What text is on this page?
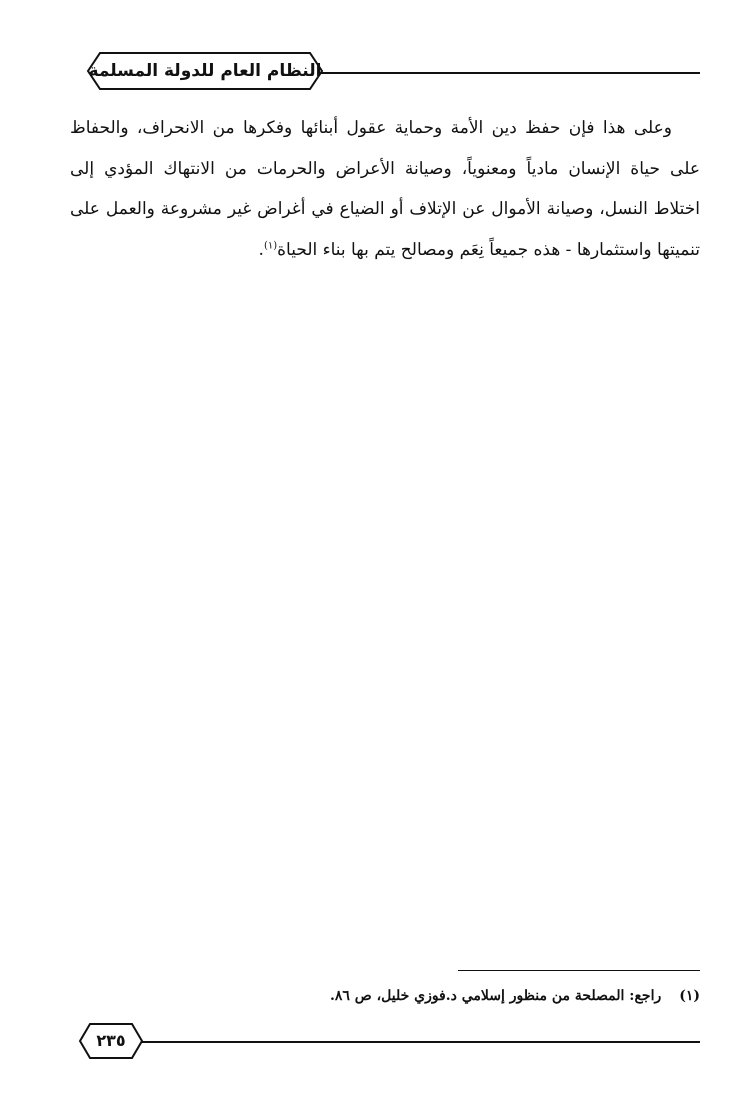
النظام العام للدولة المسلمة

وعلى هذا فإن حفظ دين الأمة وحماية عقول أبنائها وفكرها من الانحراف، والحفاظ على حياة الإنسان مادياً ومعنوياً، وصيانة الأعراض والحرمات من الانتهاك المؤدي إلى اختلاط النسل، وصيانة الأموال عن الإتلاف أو الضياع في أغراض غير مشروعة والعمل على تنميتها واستثمارها - هذه جميعاً نِعَم ومصالح يتم بها بناء الحياة$^{(١)}$.

(١)راجع: المصلحة من منظور إسلامي د.فوزي خليل، ص ٨٦.
٢٣٥
